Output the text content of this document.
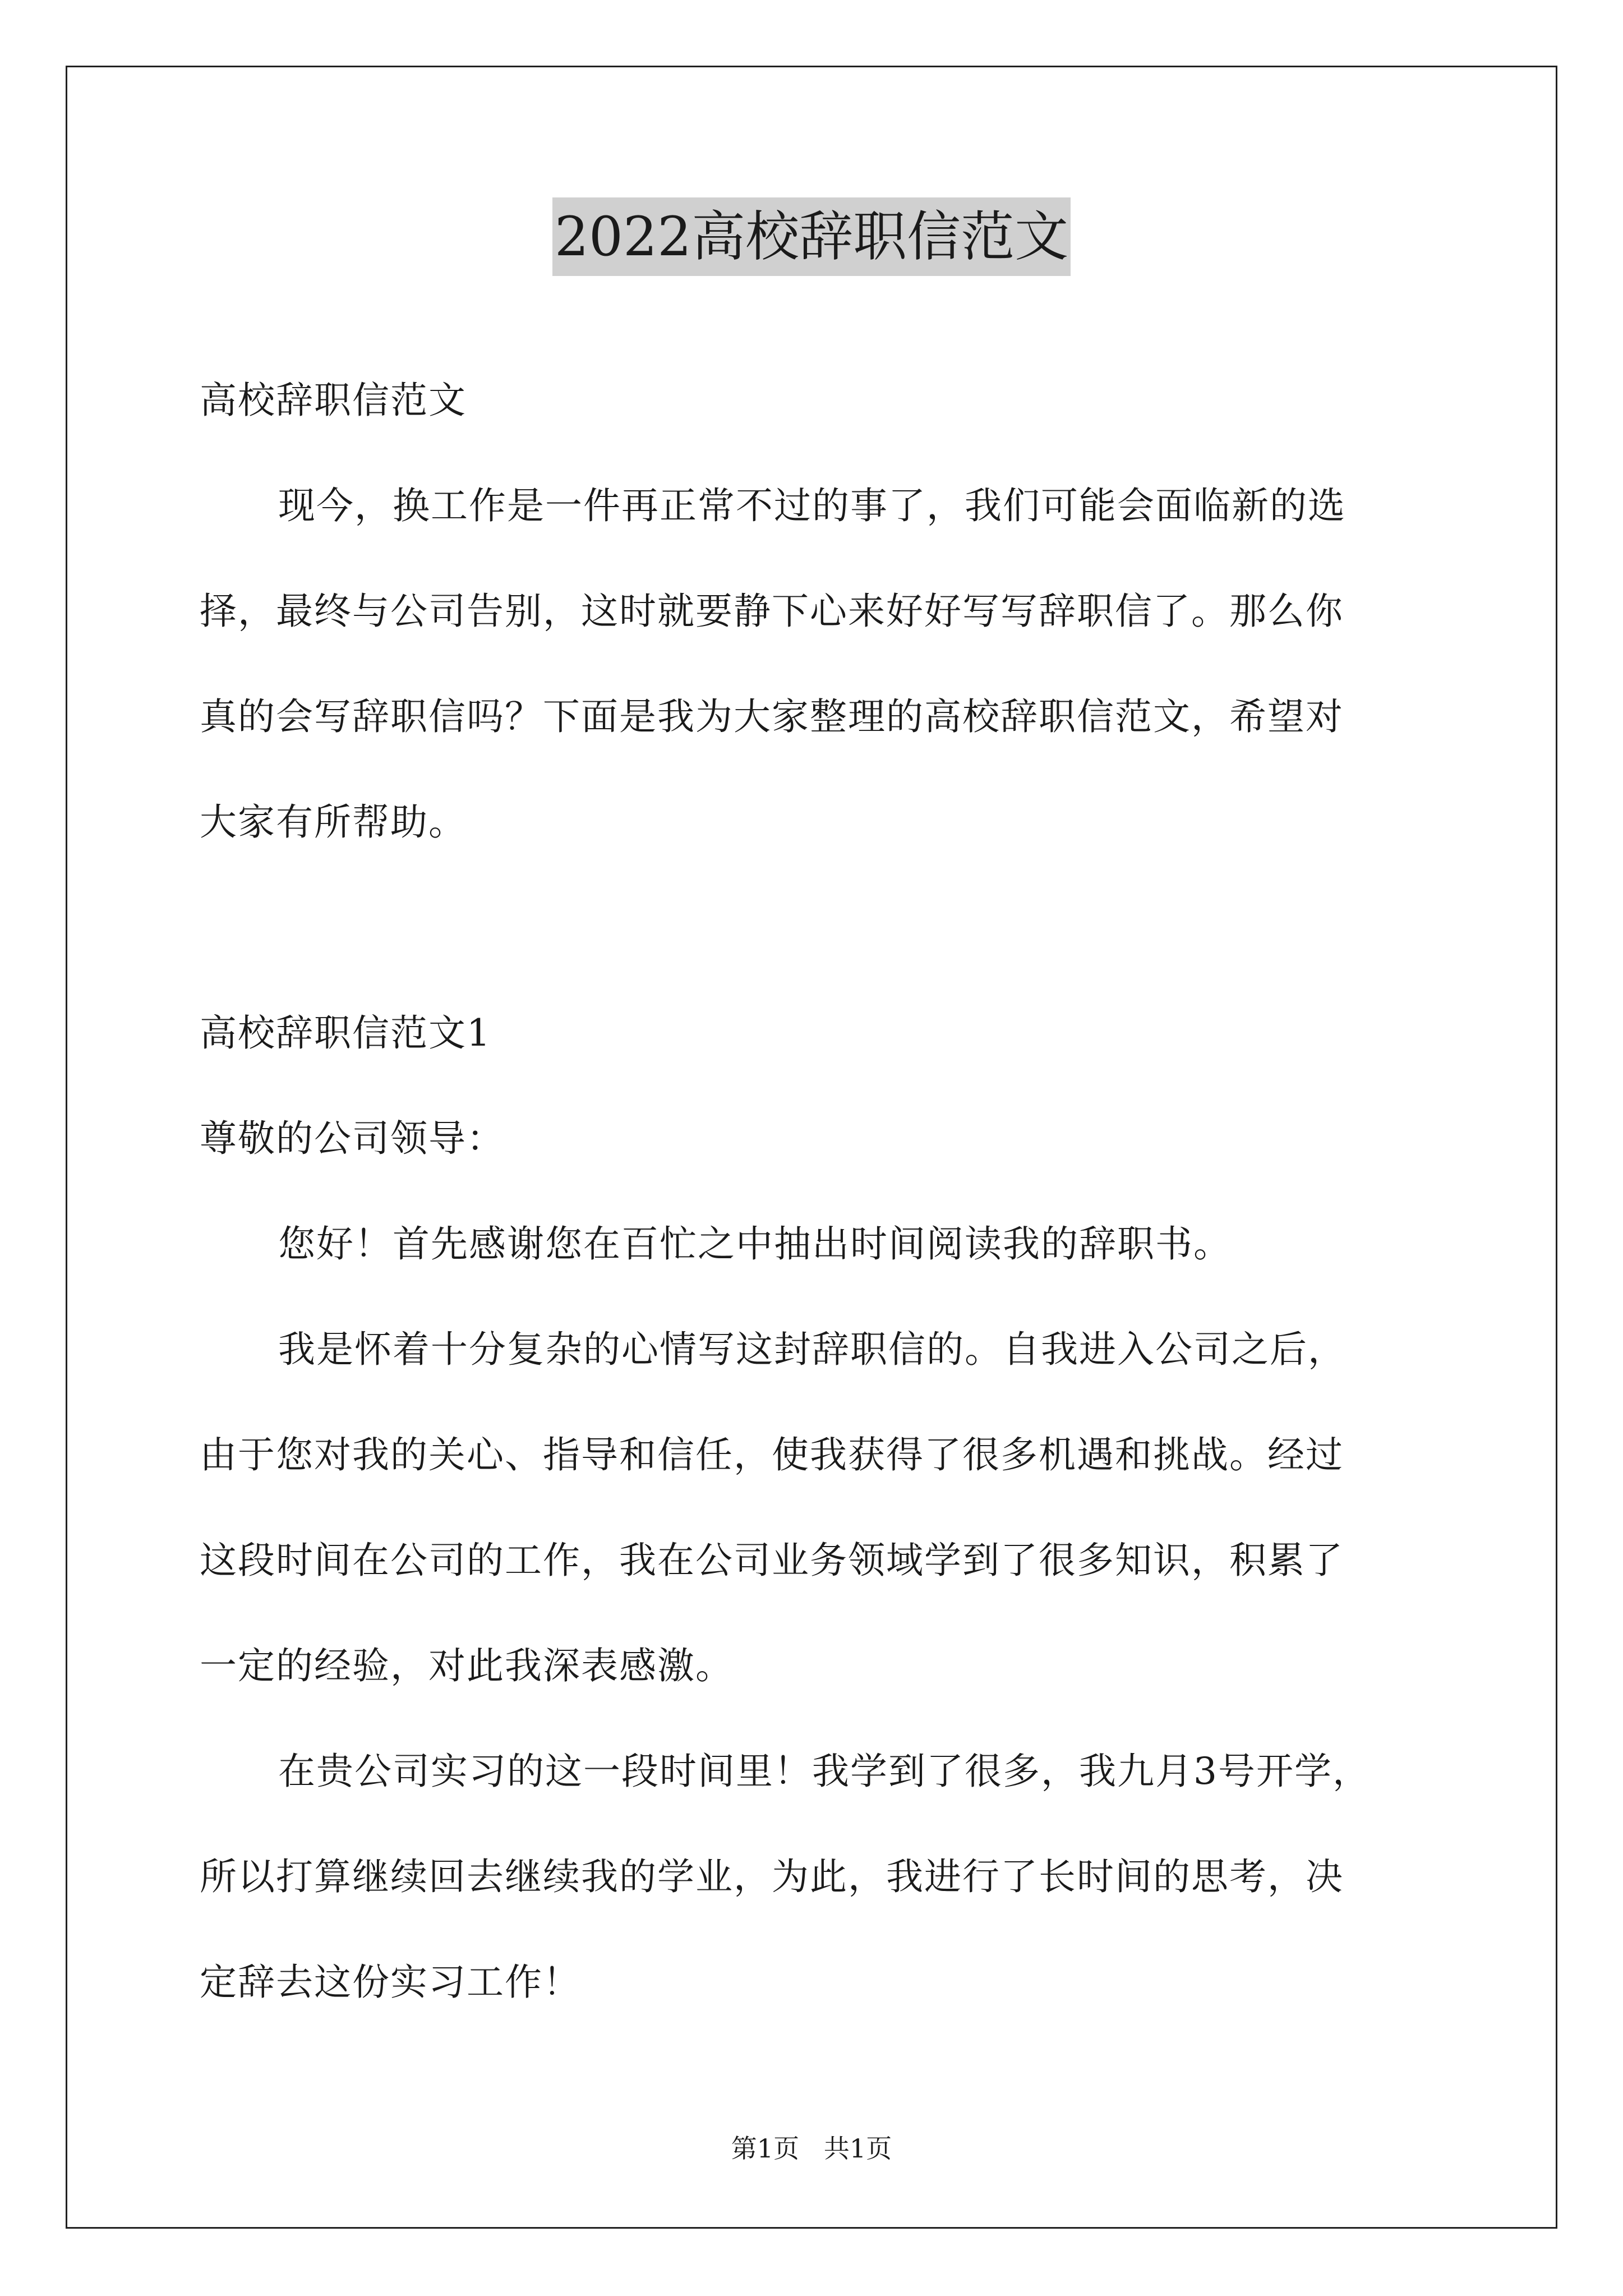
2022高校辞职信范文
高校辞职信范文
现今，换工作是一件再正常不过的事了，我们可能会面临新的选
择，最终与公司告别，这时就要静下心来好好写写辞职信了。那么你
真的会写辞职信吗？下面是我为大家整理的高校辞职信范文，希望对
大家有所帮助。
高校辞职信范文1
尊敬的公司领导：
您好！首先感谢您在百忙之中抽出时间阅读我的辞职书。
我是怀着十分复杂的心情写这封辞职信的。自我进入公司之后，
由于您对我的关心、指导和信任，使我获得了很多机遇和挑战。经过
这段时间在公司的工作，我在公司业务领域学到了很多知识，积累了
一定的经验，对此我深表感激。
在贵公司实习的这一段时间里！我学到了很多，我九月3号开学，
所以打算继续回去继续我的学业，为此，我进行了长时间的思考，决
定辞去这份实习工作！
第1页   共1页
